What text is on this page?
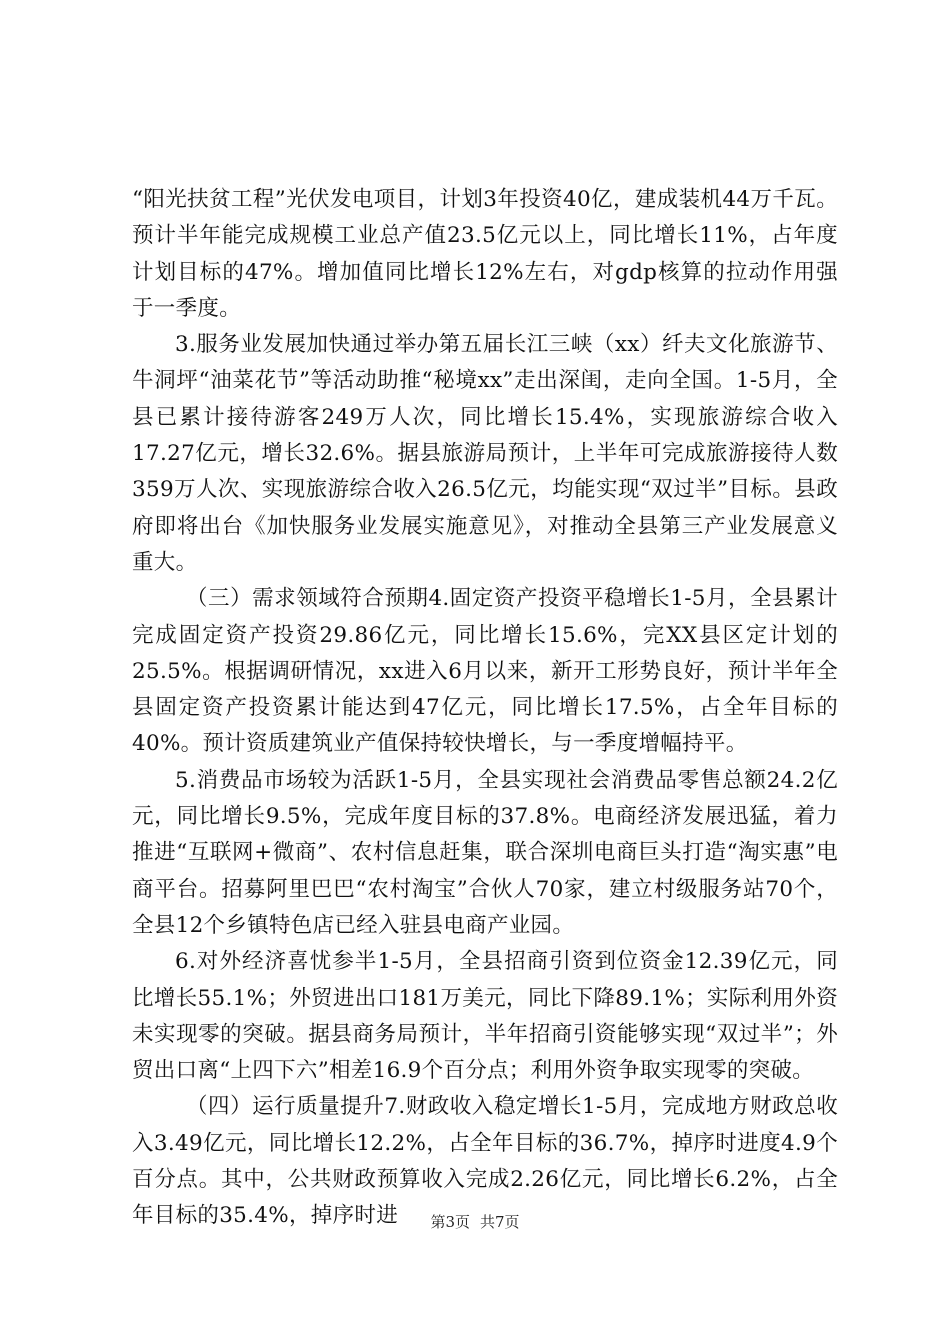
“阳光扶贫工程”光伏发电项目，计划3年投资40亿，建成装机44万千瓦。预计半年能完成规模工业总产值23.5亿元以上，同比增长11%，占年度计划目标的47%。增加值同比增长12%左右，对gdp核算的拉动作用强于一季度。

3.服务业发展加快通过举办第五届长江三峡（xx）纤夫文化旅游节、牛洞坪“油菜花节”等活动助推“秘境xx”走出深闺，走向全国。1-5月，全县已累计接待游客249万人次，同比增长15.4%，实现旅游综合收入17.27亿元，增长32.6%。据县旅游局预计，上半年可完成旅游接待人数359万人次、实现旅游综合收入26.5亿元，均能实现“双过半”目标。县政府即将出台《加快服务业发展实施意见》，对推动全县第三产业发展意义重大。

（三）需求领域符合预期4.固定资产投资平稳增长1-5月，全县累计完成固定资产投资29.86亿元，同比增长15.6%，完XX县区定计划的25.5%。根据调研情况，xx进入6月以来，新开工形势良好，预计半年全县固定资产投资累计能达到47亿元，同比增长17.5%，占全年目标的40%。预计资质建筑业产值保持较快增长，与一季度增幅持平。

5.消费品市场较为活跃1-5月，全县实现社会消费品零售总额24.2亿元，同比增长9.5%，完成年度目标的37.8%。电商经济发展迅猛，着力推进“互联网+微商”、农村信息赶集，联合深圳电商巨头打造“淘实惠”电商平台。招募阿里巴巴“农村淘宝”合伙人70家，建立村级服务站70个，全县12个乡镇特色店已经入驻县电商产业园。

6.对外经济喜忧参半1-5月，全县招商引资到位资金12.39亿元，同比增长55.1%；外贸进出口181万美元，同比下降89.1%；实际利用外资未实现零的突破。据县商务局预计，半年招商引资能够实现“双过半”；外贸出口离“上四下六”相差16.9个百分点；利用外资争取实现零的突破。

（四）运行质量提升7.财政收入稳定增长1-5月，完成地方财政总收入3.49亿元，同比增长12.2%，占全年目标的36.7%，掉序时进度4.9个百分点。其中，公共财政预算收入完成2.26亿元，同比增长6.2%，占全年目标的35.4%，掉序时进	第3页 共7页
